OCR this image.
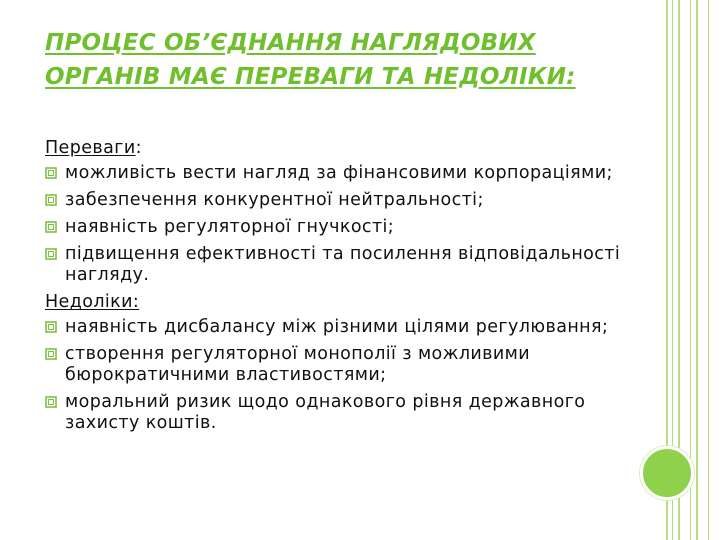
ПРОЦЕС ОБ’ЄДНАННЯ НАГЛЯДОВИХ ОРГАНІВ МАЄ ПЕРЕВАГИ ТА НЕДОЛІКИ:
Переваги:
можливість вести нагляд за фінансовими корпораціями;
забезпечення конкурентної нейтральності;
наявність регуляторної гнучкості;
підвищення ефективності та посилення відповідальності нагляду.
Недоліки:
наявність дисбалансу між різними цілями регулювання;
створення регуляторної монополії з можливими бюрократичними властивостями;
моральний ризик щодо однакового рівня державного захисту коштів.
